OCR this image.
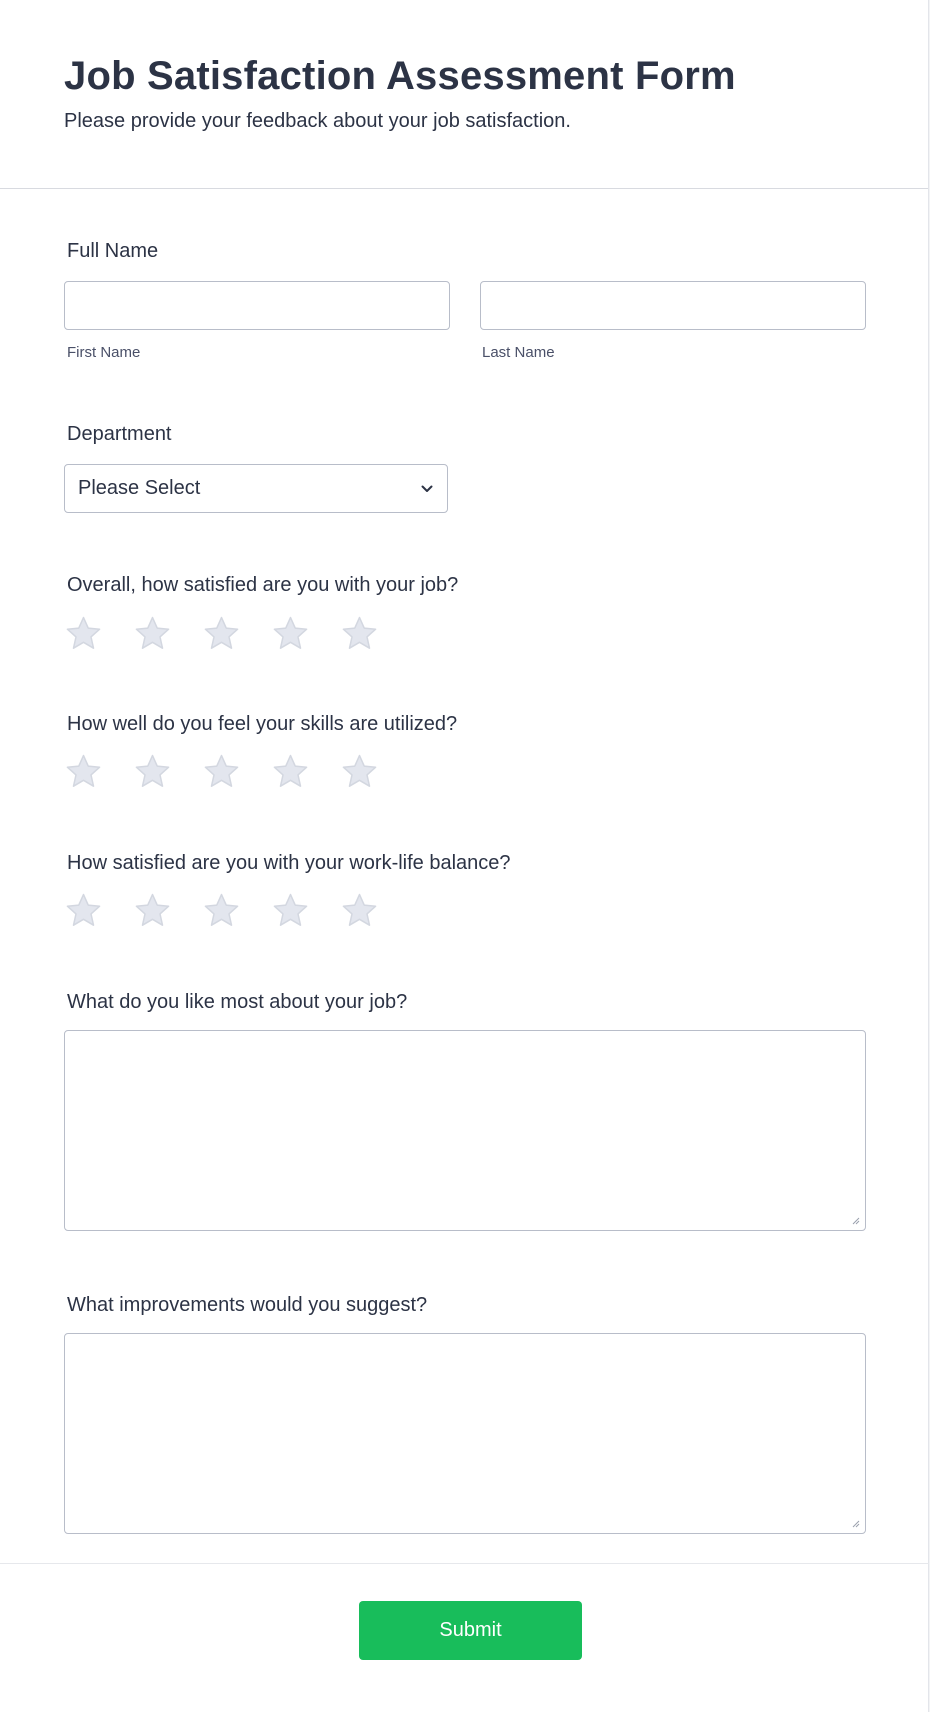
Job Satisfaction Assessment Form
Please provide your feedback about your job satisfaction.
Full Name
First Name	Last Name
Department
Please Select
Overall, how satisfied are you with your job?
How well do you feel your skills are utilized?
How satisfied are you with your work-life balance?
What do you like most about your job?
What improvements would you suggest?
Submit
